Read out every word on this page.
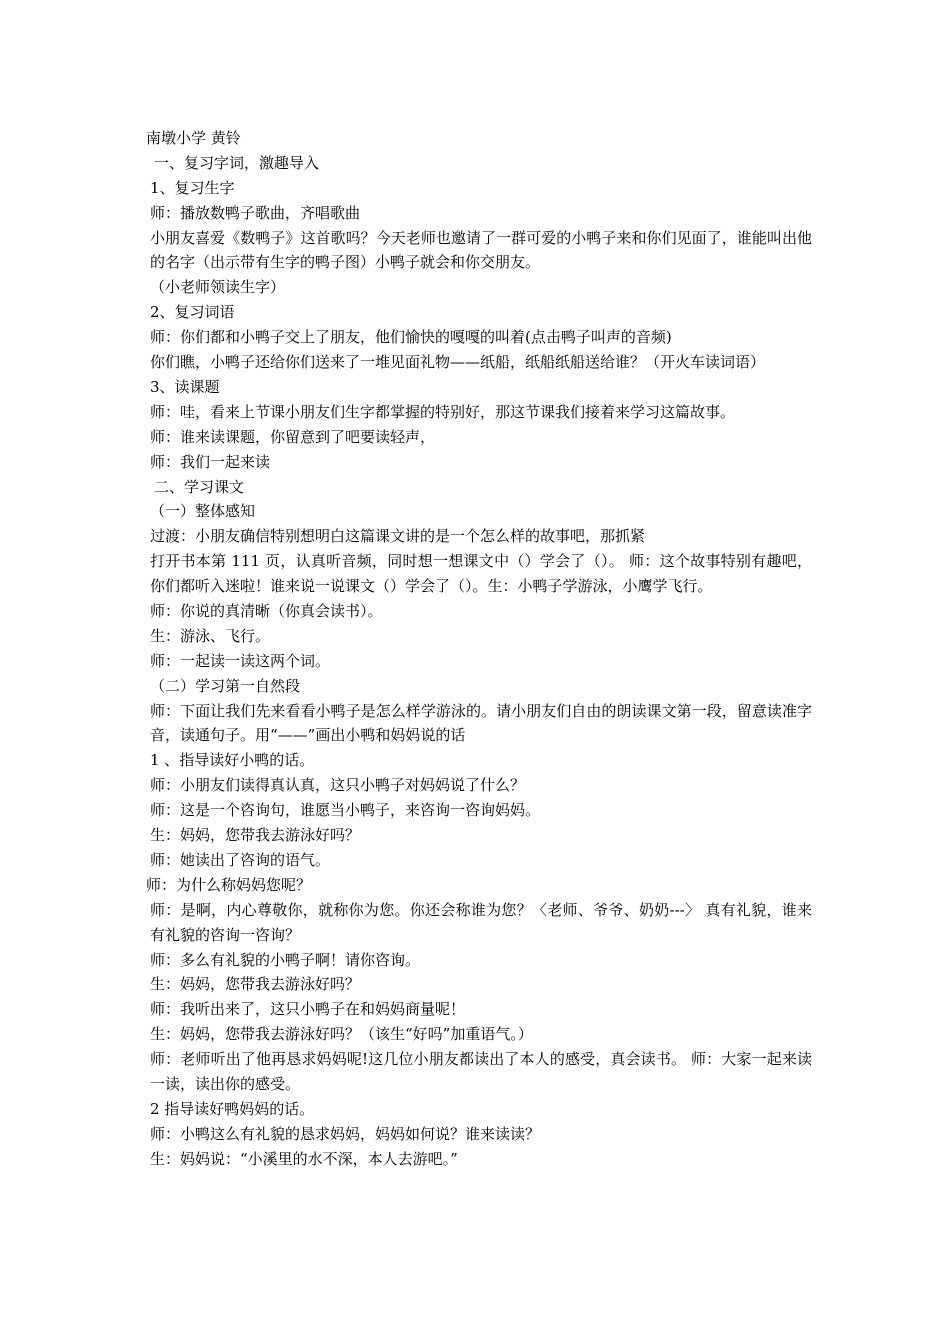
南墩小学 黄铃

一、复习字词，激趣导入

1、复习生字

师：播放数鸭子歌曲，齐唱歌曲

小朋友喜爱《数鸭子》这首歌吗？今天老师也邀请了一群可爱的小鸭子来和你们见面了，谁能叫出他的名字（出示带有生字的鸭子图）小鸭子就会和你交朋友。

（小老师领读生字）

2、复习词语

师：你们都和小鸭子交上了朋友，他们愉快的嘎嘎的叫着(点击鸭子叫声的音频)

你们瞧，小鸭子还给你们送来了一堆见面礼物——纸船，纸船纸船送给谁？（开火车读词语）

3、读课题

师：哇，看来上节课小朋友们生字都掌握的特别好，那这节课我们接着来学习这篇故事。

师：谁来读课题，你留意到了吧要读轻声，

师：我们一起来读

二、学习课文

（一）整体感知

过渡：小朋友确信特别想明白这篇课文讲的是一个怎么样的故事吧，那抓紧

打开书本第 111 页，认真听音频，同时想一想课文中（）学会了（）。 师：这个故事特别有趣吧，你们都听入迷啦！谁来说一说课文（）学会了（）。生：小鸭子学游泳，小鹰学飞行。

师：你说的真清晰（你真会读书）。

生：游泳、飞行。

师：一起读一读这两个词。

（二）学习第一自然段

师：下面让我们先来看看小鸭子是怎么样学游泳的。请小朋友们自由的朗读课文第一段，留意读准字音，读通句子。用“——”画出小鸭和妈妈说的话

1 、指导读好小鸭的话。

师：小朋友们读得真认真，这只小鸭子对妈妈说了什么？

师：这是一个咨询句，谁愿当小鸭子，来咨询一咨询妈妈。

生：妈妈，您带我去游泳好吗？

师：她读出了咨询的语气。

师：为什么称妈妈您呢？

师：是啊，内心尊敬你，就称你为您。你还会称谁为您？〈老师、爷爷、奶奶---〉 真有礼貌，谁来有礼貌的咨询一咨询？

师：多么有礼貌的小鸭子啊！请你咨询。

生：妈妈，您带我去游泳好吗？

师：我听出来了，这只小鸭子在和妈妈商量呢！

生：妈妈，您带我去游泳好吗？（该生“好吗”加重语气。）

师：老师听出了他再恳求妈妈呢!这几位小朋友都读出了本人的感受，真会读书。 师：大家一起来读一读，读出你的感受。

2 指导读好鸭妈妈的话。

师：小鸭这么有礼貌的恳求妈妈，妈妈如何说？谁来读读？

生：妈妈说：“小溪里的水不深，本人去游吧。”
